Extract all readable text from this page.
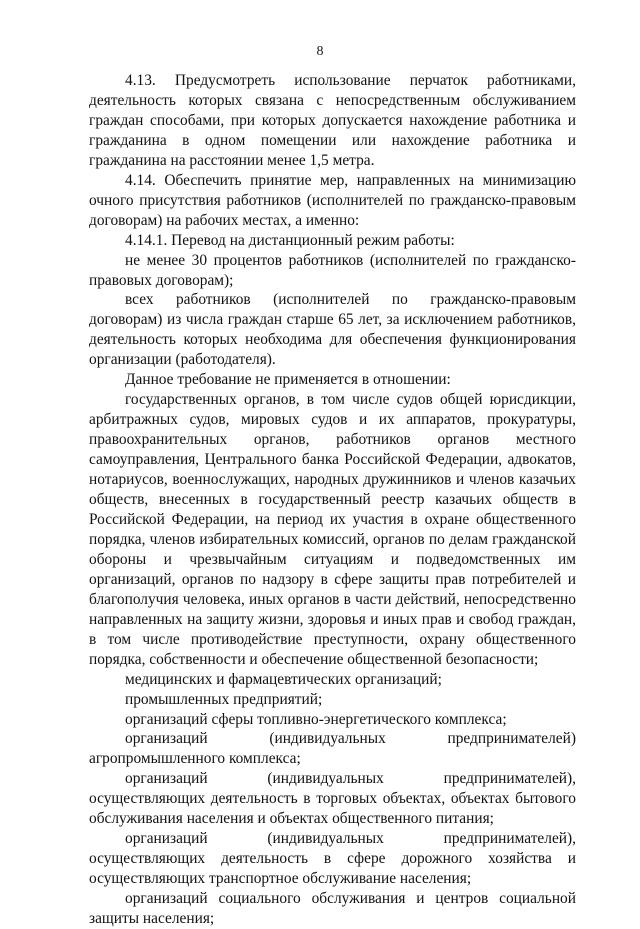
8

4.13. Предусмотреть использование перчаток работниками, деятельность которых связана с непосредственным обслуживанием граждан способами, при которых допускается нахождение работника и гражданина в одном помещении или нахождение работника и гражданина на расстоянии менее 1,5 метра.

4.14. Обеспечить принятие мер, направленных на минимизацию очного присутствия работников (исполнителей по гражданско-правовым договорам) на рабочих местах, а именно:

4.14.1. Перевод на дистанционный режим работы:

не менее 30 процентов работников (исполнителей по гражданско-правовых договорам);

всех работников (исполнителей по гражданско-правовым договорам) из числа граждан старше 65 лет, за исключением работников, деятельность которых необходима для обеспечения функционирования организации (работодателя).

Данное требование не применяется в отношении:

государственных органов, в том числе судов общей юрисдикции, арбитражных судов, мировых судов и их аппаратов, прокуратуры, правоохранительных органов, работников органов местного самоуправления, Центрального банка Российской Федерации, адвокатов, нотариусов, военнослужащих, народных дружинников и членов казачьих обществ, внесенных в государственный реестр казачьих обществ в Российской Федерации, на период их участия в охране общественного порядка, членов избирательных комиссий, органов по делам гражданской обороны и чрезвычайным ситуациям и подведомственных им организаций, органов по надзору в сфере защиты прав потребителей и благополучия человека, иных органов в части действий, непосредственно направленных на защиту жизни, здоровья и иных прав и свобод граждан, в том числе противодействие преступности, охрану общественного порядка, собственности и обеспечение общественной безопасности;

медицинских и фармацевтических организаций;

промышленных предприятий;

организаций сферы топливно-энергетического комплекса;

организаций (индивидуальных предпринимателей) агропромышленного комплекса;

организаций (индивидуальных предпринимателей), осуществляющих деятельность в торговых объектах, объектах бытового обслуживания населения и объектах общественного питания;

организаций (индивидуальных предпринимателей), осуществляющих деятельность в сфере дорожного хозяйства и осуществляющих транспортное обслуживание населения;

организаций социального обслуживания и центров социальной защиты населения;
